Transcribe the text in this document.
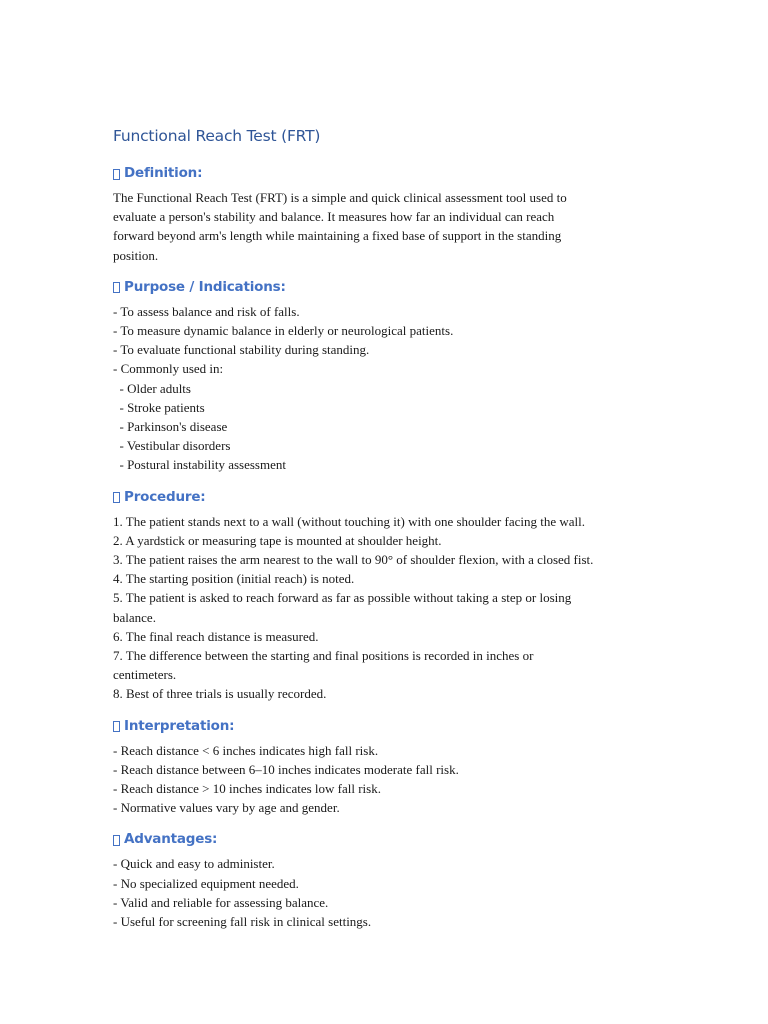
Functional Reach Test (FRT)
Definition:
The Functional Reach Test (FRT) is a simple and quick clinical assessment tool used to
evaluate a person's stability and balance. It measures how far an individual can reach
forward beyond arm's length while maintaining a fixed base of support in the standing
position.
Purpose / Indications:
- To assess balance and risk of falls.
- To measure dynamic balance in elderly or neurological patients.
- To evaluate functional stability during standing.
- Commonly used in:
- Older adults
- Stroke patients
- Parkinson's disease
- Vestibular disorders
- Postural instability assessment
Procedure:
1. The patient stands next to a wall (without touching it) with one shoulder facing the wall.
2. A yardstick or measuring tape is mounted at shoulder height.
3. The patient raises the arm nearest to the wall to 90° of shoulder flexion, with a closed fist.
4. The starting position (initial reach) is noted.
5. The patient is asked to reach forward as far as possible without taking a step or losing
balance.
6. The final reach distance is measured.
7. The difference between the starting and final positions is recorded in inches or
centimeters.
8. Best of three trials is usually recorded.
Interpretation:
- Reach distance < 6 inches indicates high fall risk.
- Reach distance between 6–10 inches indicates moderate fall risk.
- Reach distance > 10 inches indicates low fall risk.
- Normative values vary by age and gender.
Advantages:
- Quick and easy to administer.
- No specialized equipment needed.
- Valid and reliable for assessing balance.
- Useful for screening fall risk in clinical settings.
